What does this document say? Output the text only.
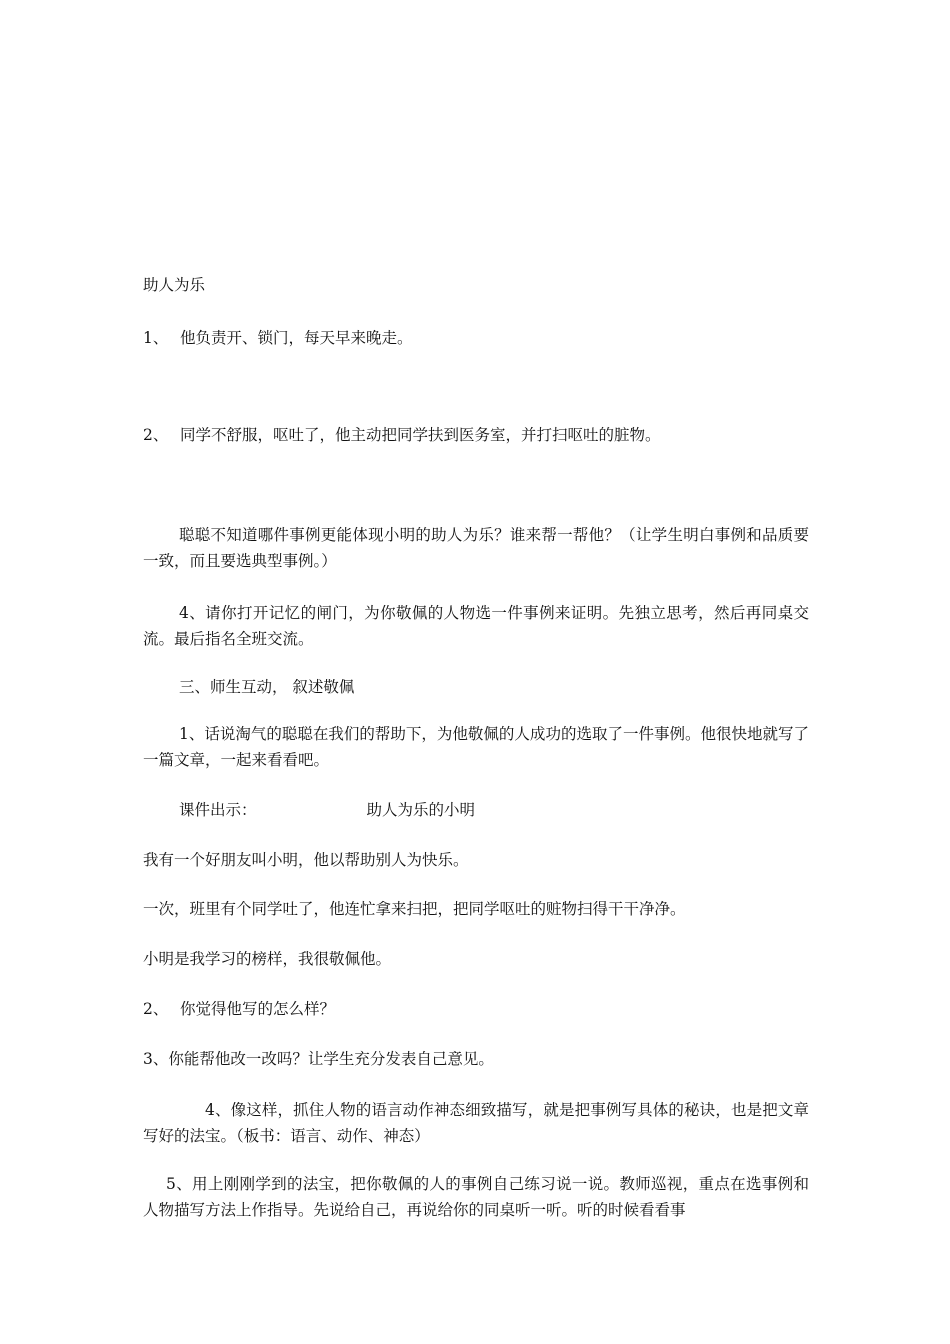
助人为乐
1、 他负责开、锁门，每天早来晚走。
2、 同学不舒服，呕吐了，他主动把同学扶到医务室，并打扫呕吐的脏物。
聪聪不知道哪件事例更能体现小明的助人为乐？谁来帮一帮他？（让学生明白事例和品质要一致，而且要选典型事例。）
4、请你打开记忆的闸门，为你敬佩的人物选一件事例来证明。先独立思考，然后再同桌交流。最后指名全班交流。
三、师生互动， 叙述敬佩
1、话说淘气的聪聪在我们的帮助下，为他敬佩的人成功的选取了一件事例。他很快地就写了一篇文章，一起来看看吧。
课件出示：	助人为乐的小明
我有一个好朋友叫小明，他以帮助别人为快乐。
一次，班里有个同学吐了，他连忙拿来扫把，把同学呕吐的赃物扫得干干净净。
小明是我学习的榜样，我很敬佩他。
2、 你觉得他写的怎么样？
3、你能帮他改一改吗？让学生充分发表自己意见。
4、像这样，抓住人物的语言动作神态细致描写，就是把事例写具体的秘诀，也是把文章写好的法宝。（板书：语言、动作、神态）
5、用上刚刚学到的法宝，把你敬佩的人的事例自己练习说一说。教师巡视，重点在选事例和人物描写方法上作指导。先说给自己，再说给你的同桌听一听。听的时候看看事
